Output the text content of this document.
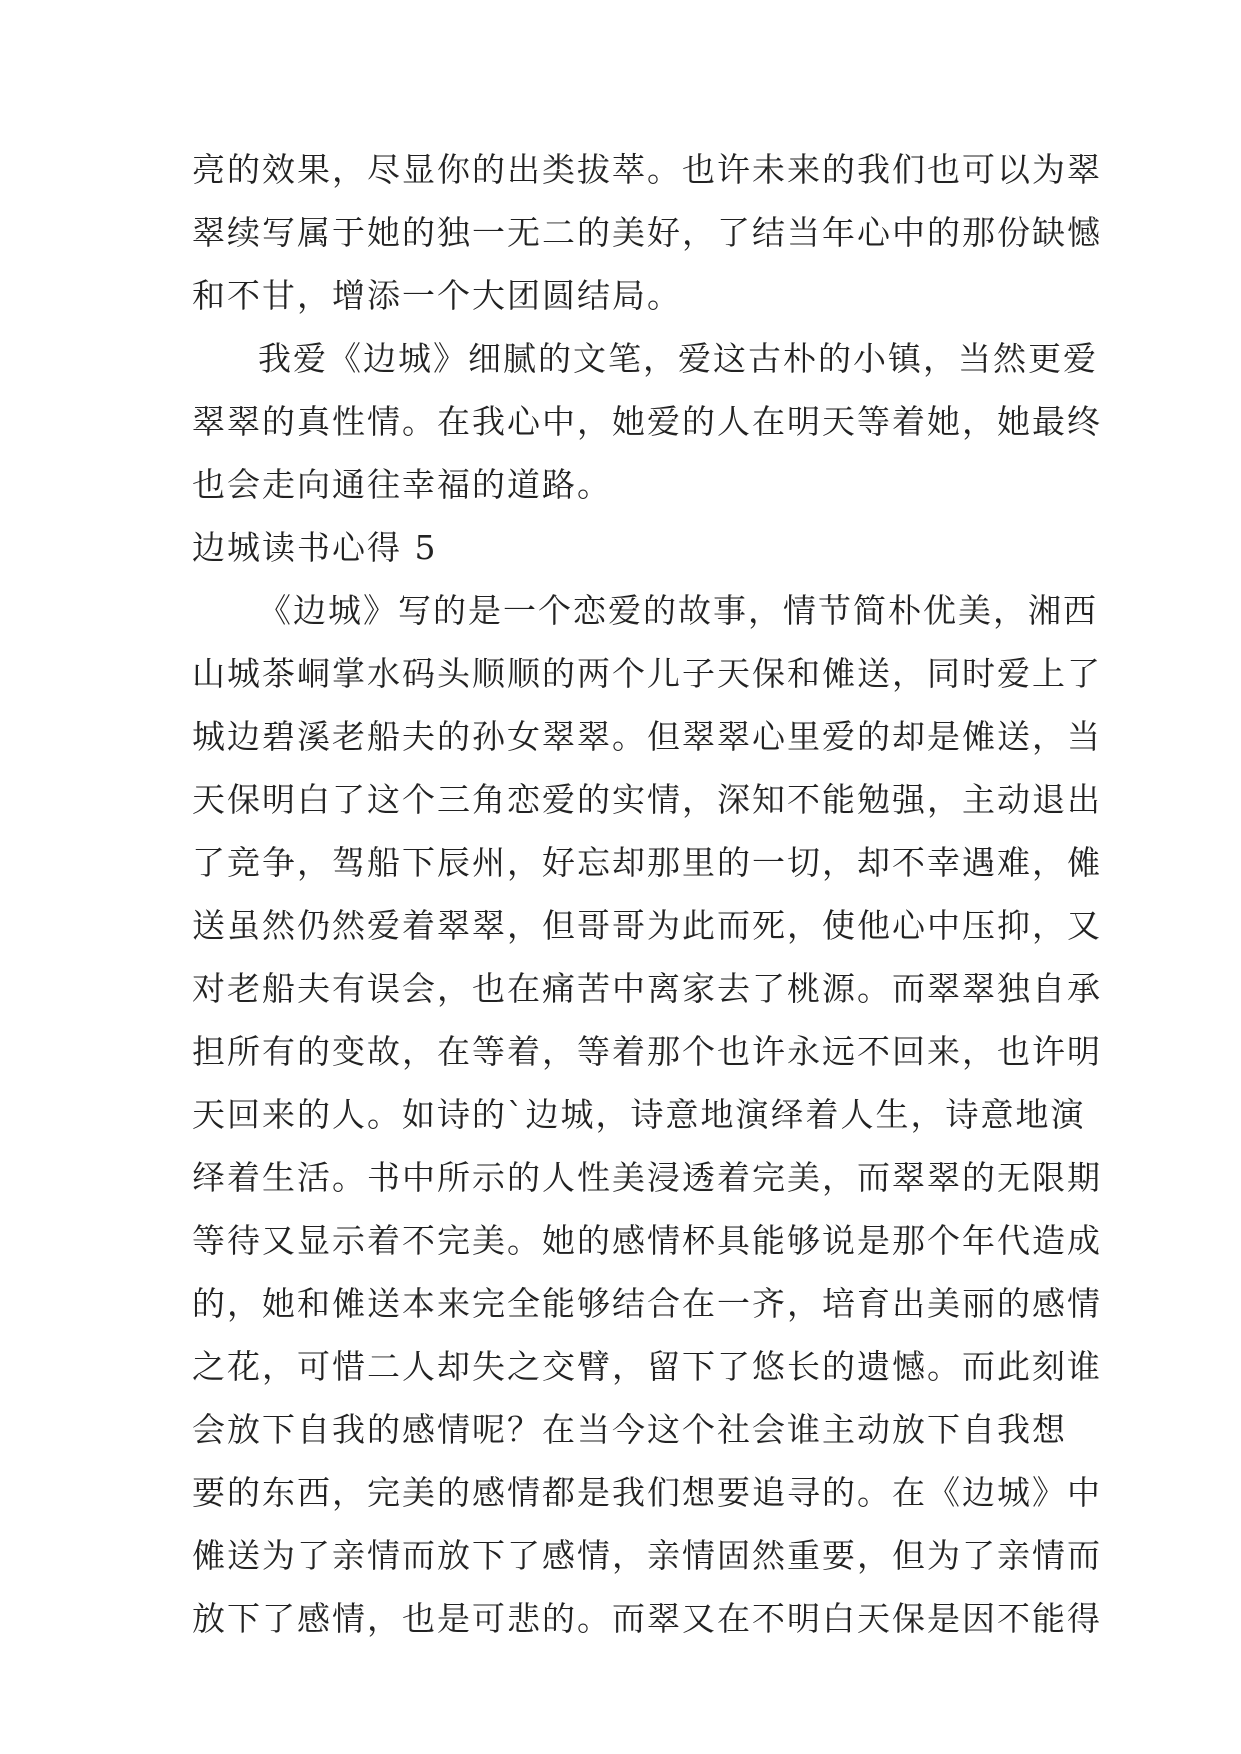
亮的效果，尽显你的出类拔萃。也许未来的我们也可以为翠
翠续写属于她的独一无二的美好，了结当年心中的那份缺憾
和不甘，增添一个大团圆结局。
我爱《边城》细腻的文笔，爱这古朴的小镇，当然更爱
翠翠的真性情。在我心中，她爱的人在明天等着她，她最终
也会走向通往幸福的道路。
边城读书心得 5
《边城》写的是一个恋爱的故事，情节简朴优美，湘西
山城茶峒掌水码头顺顺的两个儿子天保和傩送，同时爱上了
城边碧溪老船夫的孙女翠翠。但翠翠心里爱的却是傩送，当
天保明白了这个三角恋爱的实情，深知不能勉强，主动退出
了竞争，驾船下辰州，好忘却那里的一切，却不幸遇难，傩
送虽然仍然爱着翠翠，但哥哥为此而死，使他心中压抑，又
对老船夫有误会，也在痛苦中离家去了桃源。而翠翠独自承
担所有的变故，在等着，等着那个也许永远不回来，也许明
天回来的人。如诗的`边城，诗意地演绎着人生，诗意地演
绎着生活。书中所示的人性美浸透着完美，而翠翠的无限期
等待又显示着不完美。她的感情杯具能够说是那个年代造成
的，她和傩送本来完全能够结合在一齐，培育出美丽的感情
之花，可惜二人却失之交臂，留下了悠长的遗憾。而此刻谁
会放下自我的感情呢？在当今这个社会谁主动放下自我想
要的东西，完美的感情都是我们想要追寻的。在《边城》中
傩送为了亲情而放下了感情，亲情固然重要，但为了亲情而
放下了感情，也是可悲的。而翠又在不明白天保是因不能得
